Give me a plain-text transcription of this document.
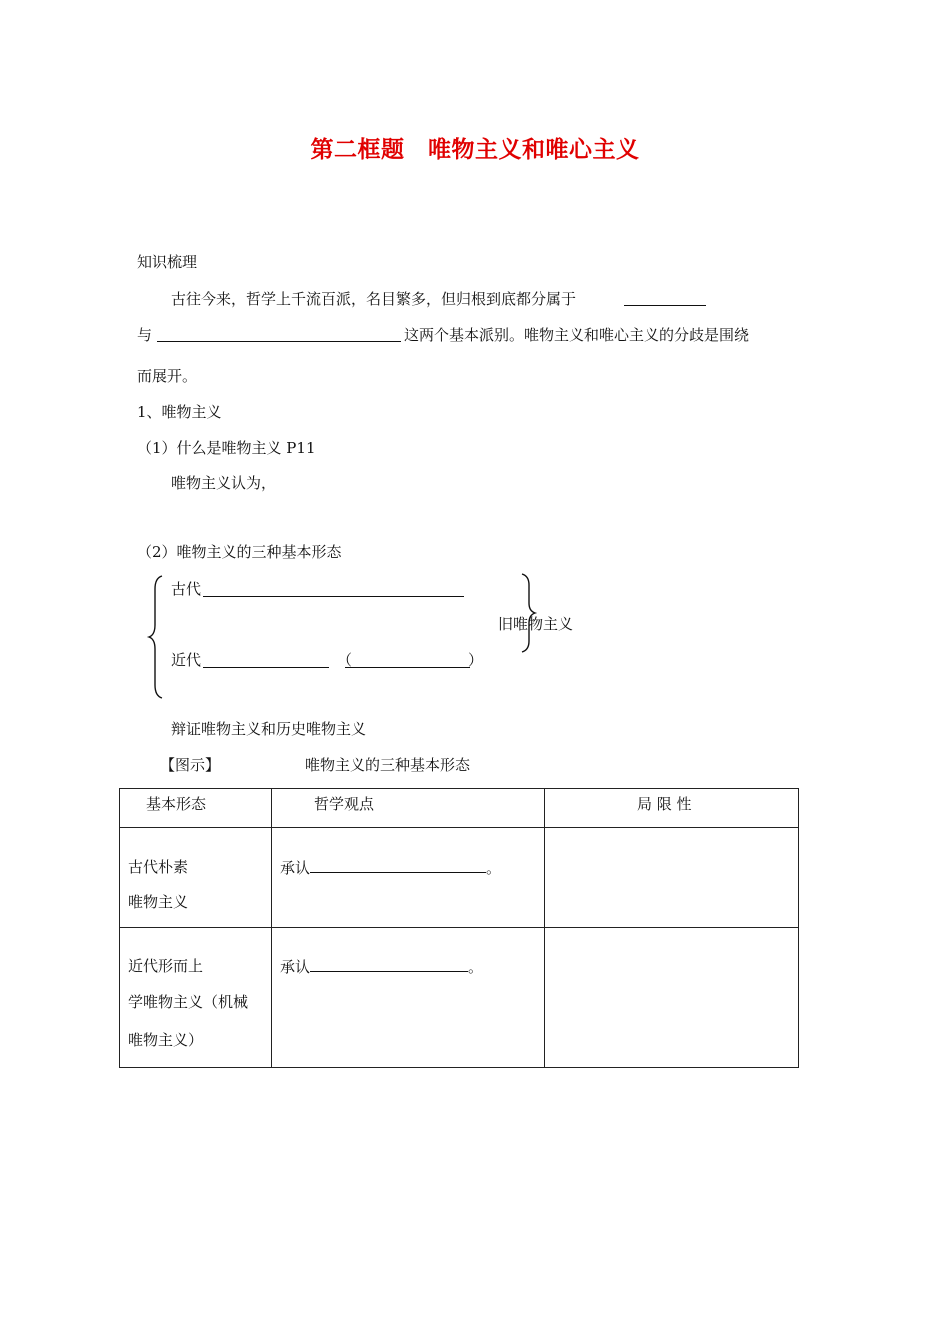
第二框题　唯物主义和唯心主义
知识梳理
古往今来，哲学上千流百派，名目繁多，但归根到底都分属于
与	这两个基本派别。唯物主义和唯心主义的分歧是围绕
而展开。
1、唯物主义
（1）什么是唯物主义 P11
唯物主义认为，
（2）唯物主义的三种基本形态
古代
近代	（	）
旧唯物主义
辩证唯物主义和历史唯物主义
【图示】	唯物主义的三种基本形态
基本形态	哲学观点	局 限 性

古代朴素
唯物主义	承认 。	

近代形而上
学唯物主义（机械
唯物主义）	承认 。	
